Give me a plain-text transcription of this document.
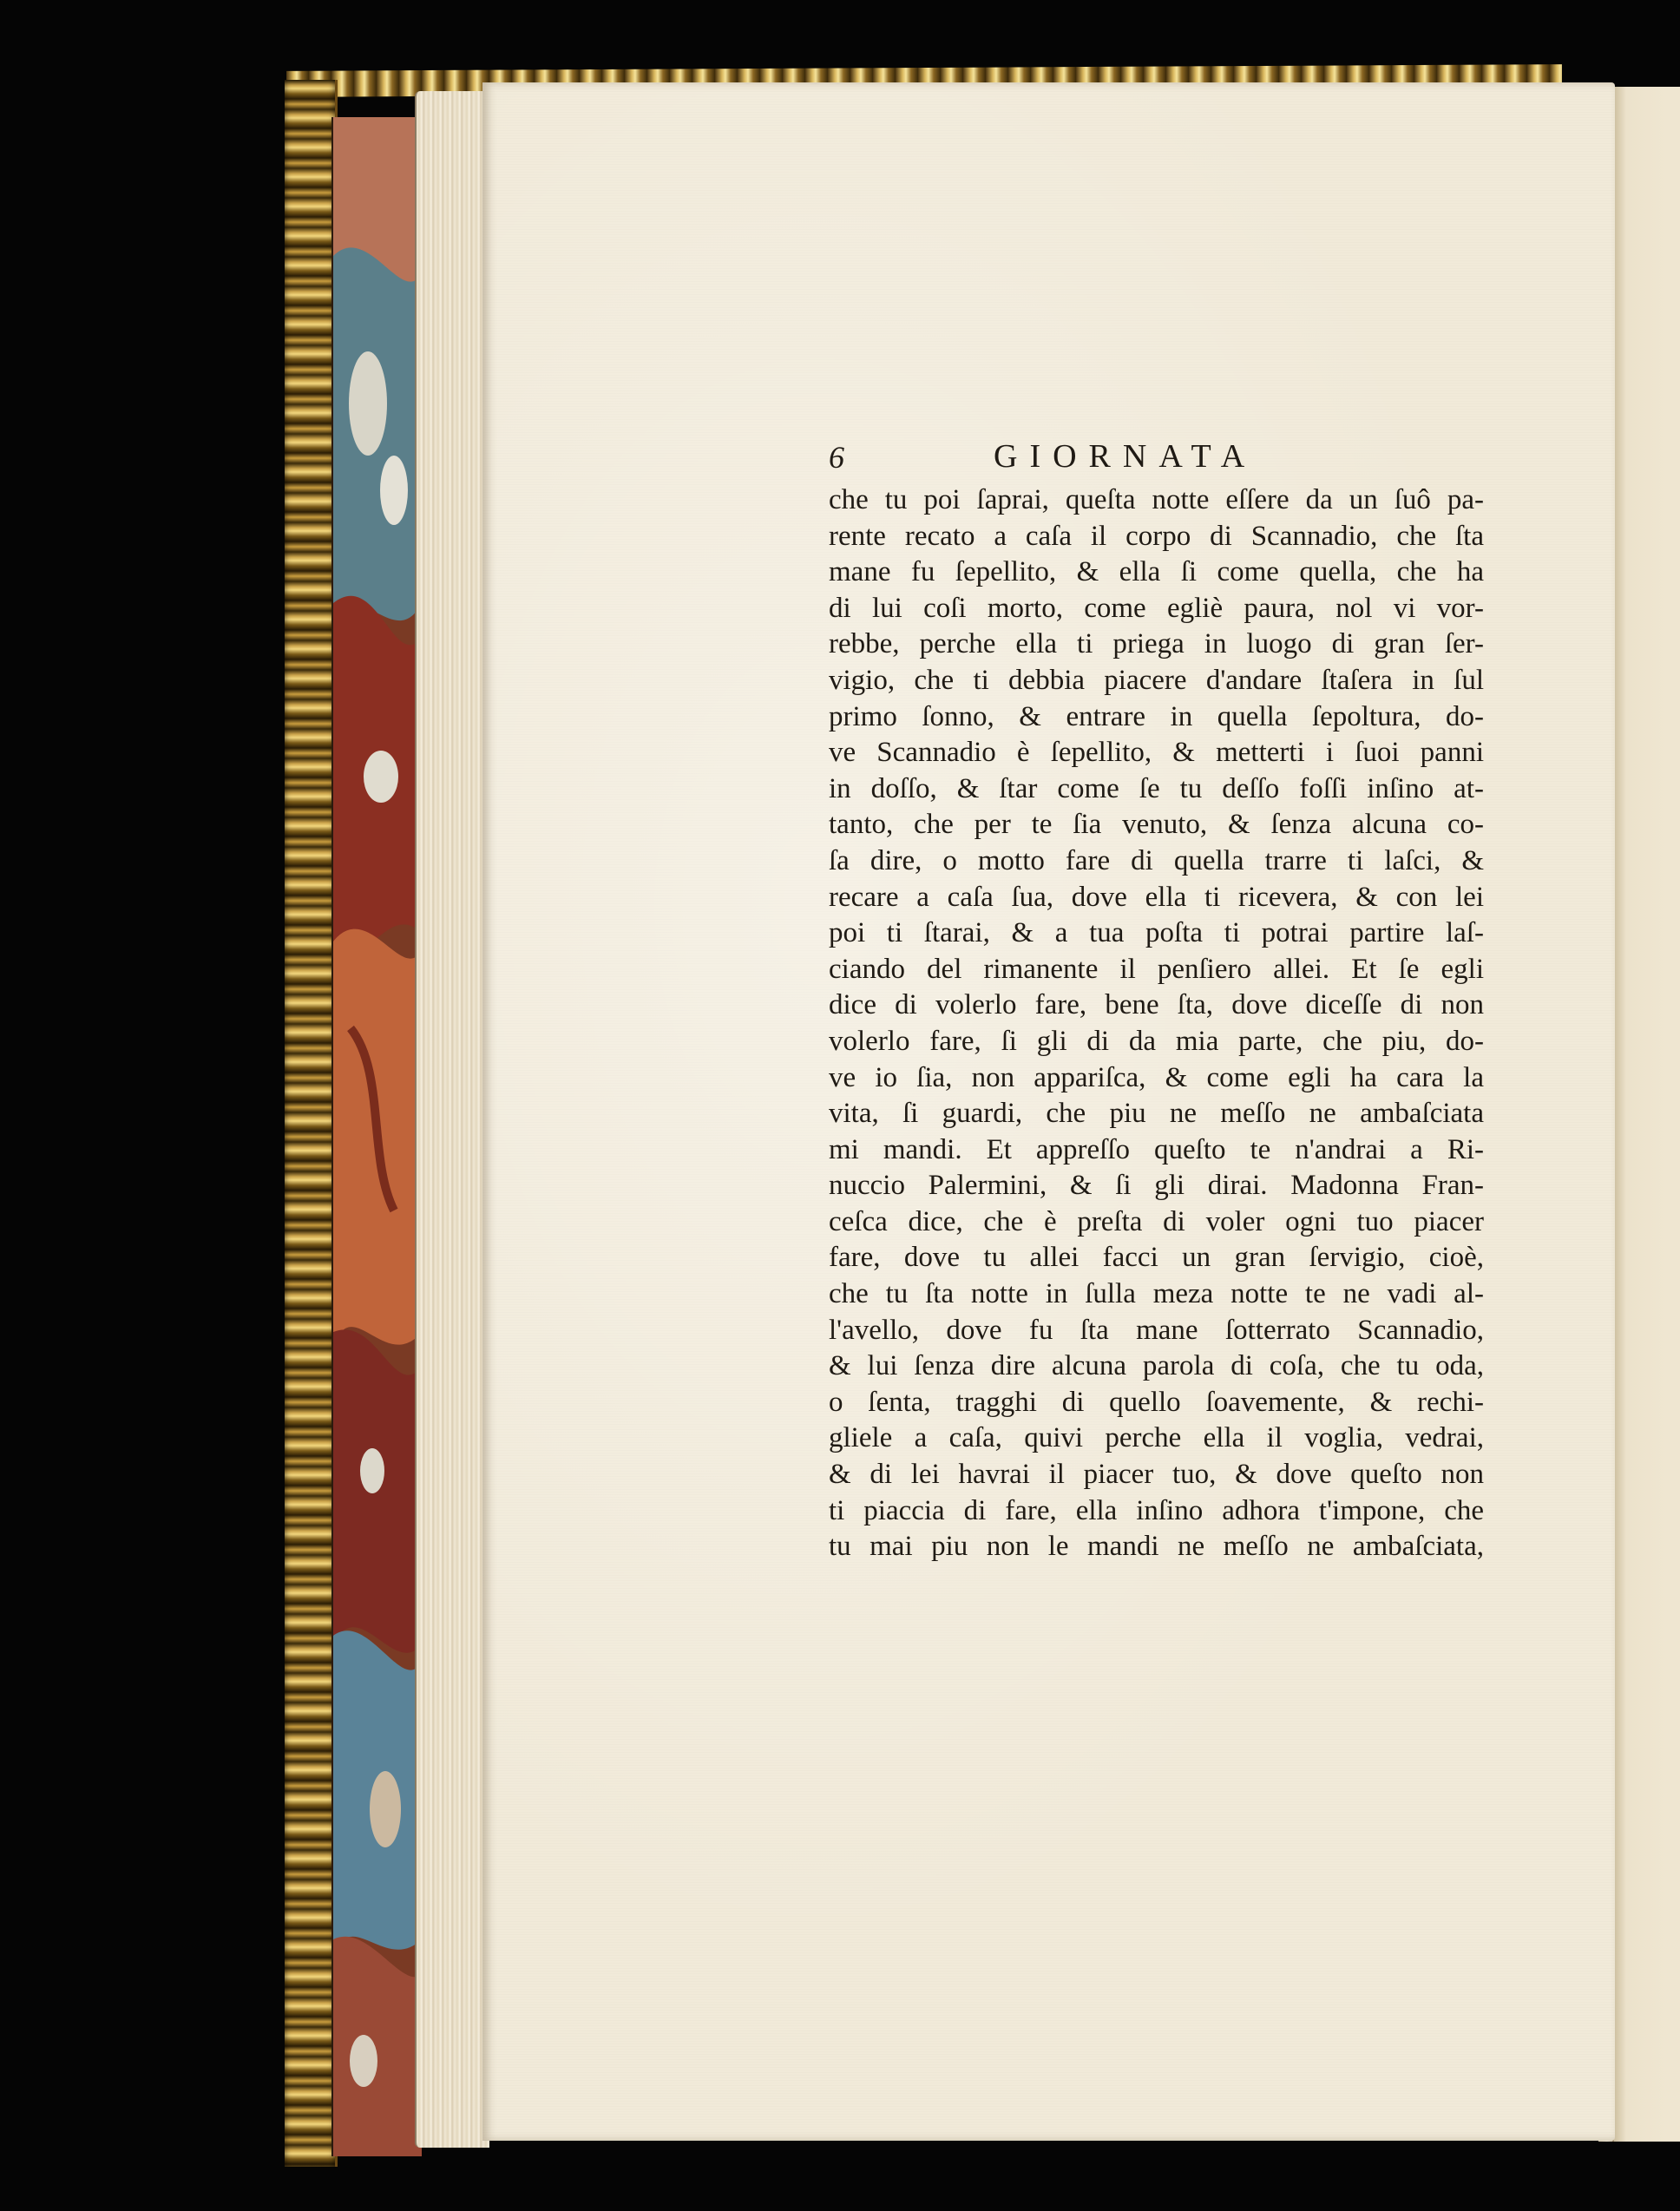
6	GIORNATA
che tu poi ſaprai, queſta notte eſſere da un ſuô pa-
rente recato a caſa il corpo di Scannadio, che ſta
mane fu ſepellito, & ella ſi come quella, che ha
di lui coſi morto, come egliè paura, nol vi vor-
rebbe, perche ella ti priega in luogo di gran ſer-
vigio, che ti debbia piacere d'andare ſtaſera in ſul
primo ſonno, & entrare in quella ſepoltura, do-
ve Scannadio è ſepellito, & metterti i ſuoi panni
in doſſo, & ſtar come ſe tu deſſo foſſi inſino at-
tanto, che per te ſia venuto, & ſenza alcuna co-
ſa dire, o motto fare di quella trarre ti laſci, &
recare a caſa ſua, dove ella ti ricevera, & con lei
poi ti ſtarai, & a tua poſta ti potrai partire laſ-
ciando del rimanente il penſiero allei. Et ſe egli
dice di volerlo fare, bene ſta, dove diceſſe di non
volerlo fare, ſi gli di da mia parte, che piu, do-
ve io ſia, non appariſca, & come egli ha cara la
vita, ſi guardi, che piu ne meſſo ne ambaſciata
mi mandi. Et appreſſo queſto te n'andrai a Ri-
nuccio Palermini, & ſi gli dirai. Madonna Fran-
ceſca dice, che è preſta di voler ogni tuo piacer
fare, dove tu allei facci un gran ſervigio, cioè,
che tu ſta notte in ſulla meza notte te ne vadi al-
l'avello, dove fu ſta mane ſotterrato Scannadio,
& lui ſenza dire alcuna parola di coſa, che tu oda,
o ſenta, tragghi di quello ſoavemente, & rechi-
gliele a caſa, quivi perche ella il voglia, vedrai,
& di lei havrai il piacer tuo, & dove queſto non
ti piaccia di fare, ella inſino adhora t'impone, che
tu mai piu non le mandi ne meſſo ne ambaſciata,
